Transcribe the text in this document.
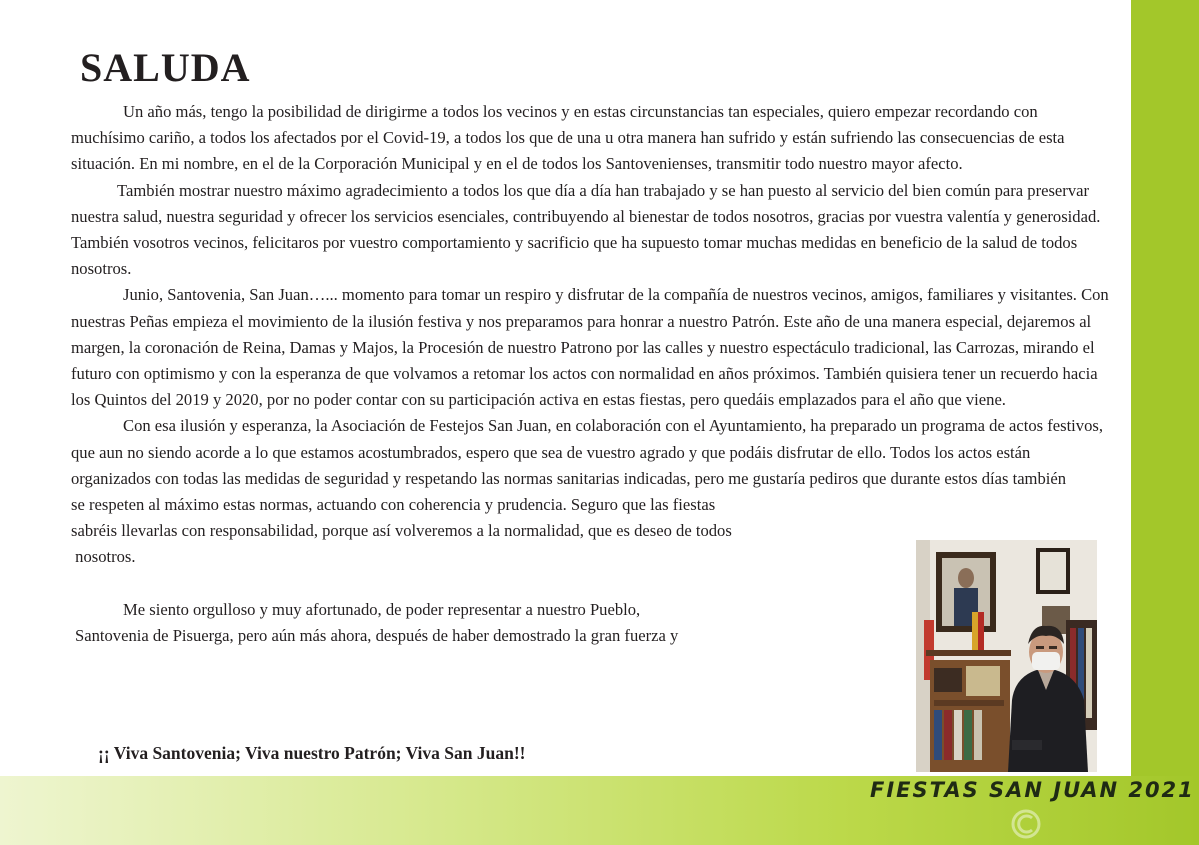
SALUDA

Un año más, tengo la posibilidad de dirigirme a todos los vecinos y en estas circunstancias tan especiales, quiero empezar recordando con muchísimo cariño, a todos los afectados por el Covid-19, a todos los que de una u otra manera han sufrido y están sufriendo las consecuencias de esta situación. En mi nombre, en el de la Corporación Municipal y en el de todos los Santovenienses, transmitir todo nuestro mayor afecto.

También mostrar nuestro máximo agradecimiento a todos los que día a día han trabajado y se han puesto al servicio del bien común para preservar nuestra salud, nuestra seguridad y ofrecer los servicios esenciales, contribuyendo al bienestar de todos nosotros, gracias por vuestra valentía y generosidad. También vosotros vecinos, felicitaros por vuestro comportamiento y sacrificio que ha supuesto tomar muchas medidas en beneficio de la salud de todos nosotros.

Junio, Santovenia, San Juan…... momento para tomar un respiro y disfrutar de la compañía de nuestros vecinos, amigos, familiares y visitantes. Con nuestras Peñas empieza el movimiento de la ilusión festiva y nos preparamos para honrar a nuestro Patrón. Este año de una manera especial, dejaremos al margen, la coronación de Reina, Damas y Majos, la Procesión de nuestro Patrono por las calles y nuestro espectáculo tradicional, las Carrozas, mirando el futuro con optimismo y con la esperanza de que volvamos a retomar los actos con normalidad en años próximos. También quisiera tener un recuerdo hacia los Quintos del 2019 y 2020, por no poder contar con su participación activa en estas fiestas, pero quedáis emplazados para el año que viene.

Con esa ilusión y esperanza, la Asociación de Festejos San Juan, en colaboración con el Ayuntamiento, ha preparado un programa de actos festivos, que aun no siendo acorde a lo que estamos acostumbrados, espero que sea de vuestro agrado y que podáis disfrutar de ello. Todos los actos están organizados con todas las medidas de seguridad y respetando las normas sanitarias indicadas, pero me gustaría pediros que durante estos días también

se respeten al máximo estas normas, actuando con coherencia y prudencia. Seguro que las fiestas

sabréis llevarlas con responsabilidad, porque así volveremos a la normalidad, que es deseo de todos

nosotros.

Me siento orgulloso y muy afortunado, de poder representar a nuestro Pueblo,

Santovenia de Pisuerga, pero aún más ahora, después de haber demostrado la gran fuerza y

¡¡ Viva Santovenia; Viva nuestro Patrón; Viva San Juan!!
FIESTAS SAN JUAN 2021
